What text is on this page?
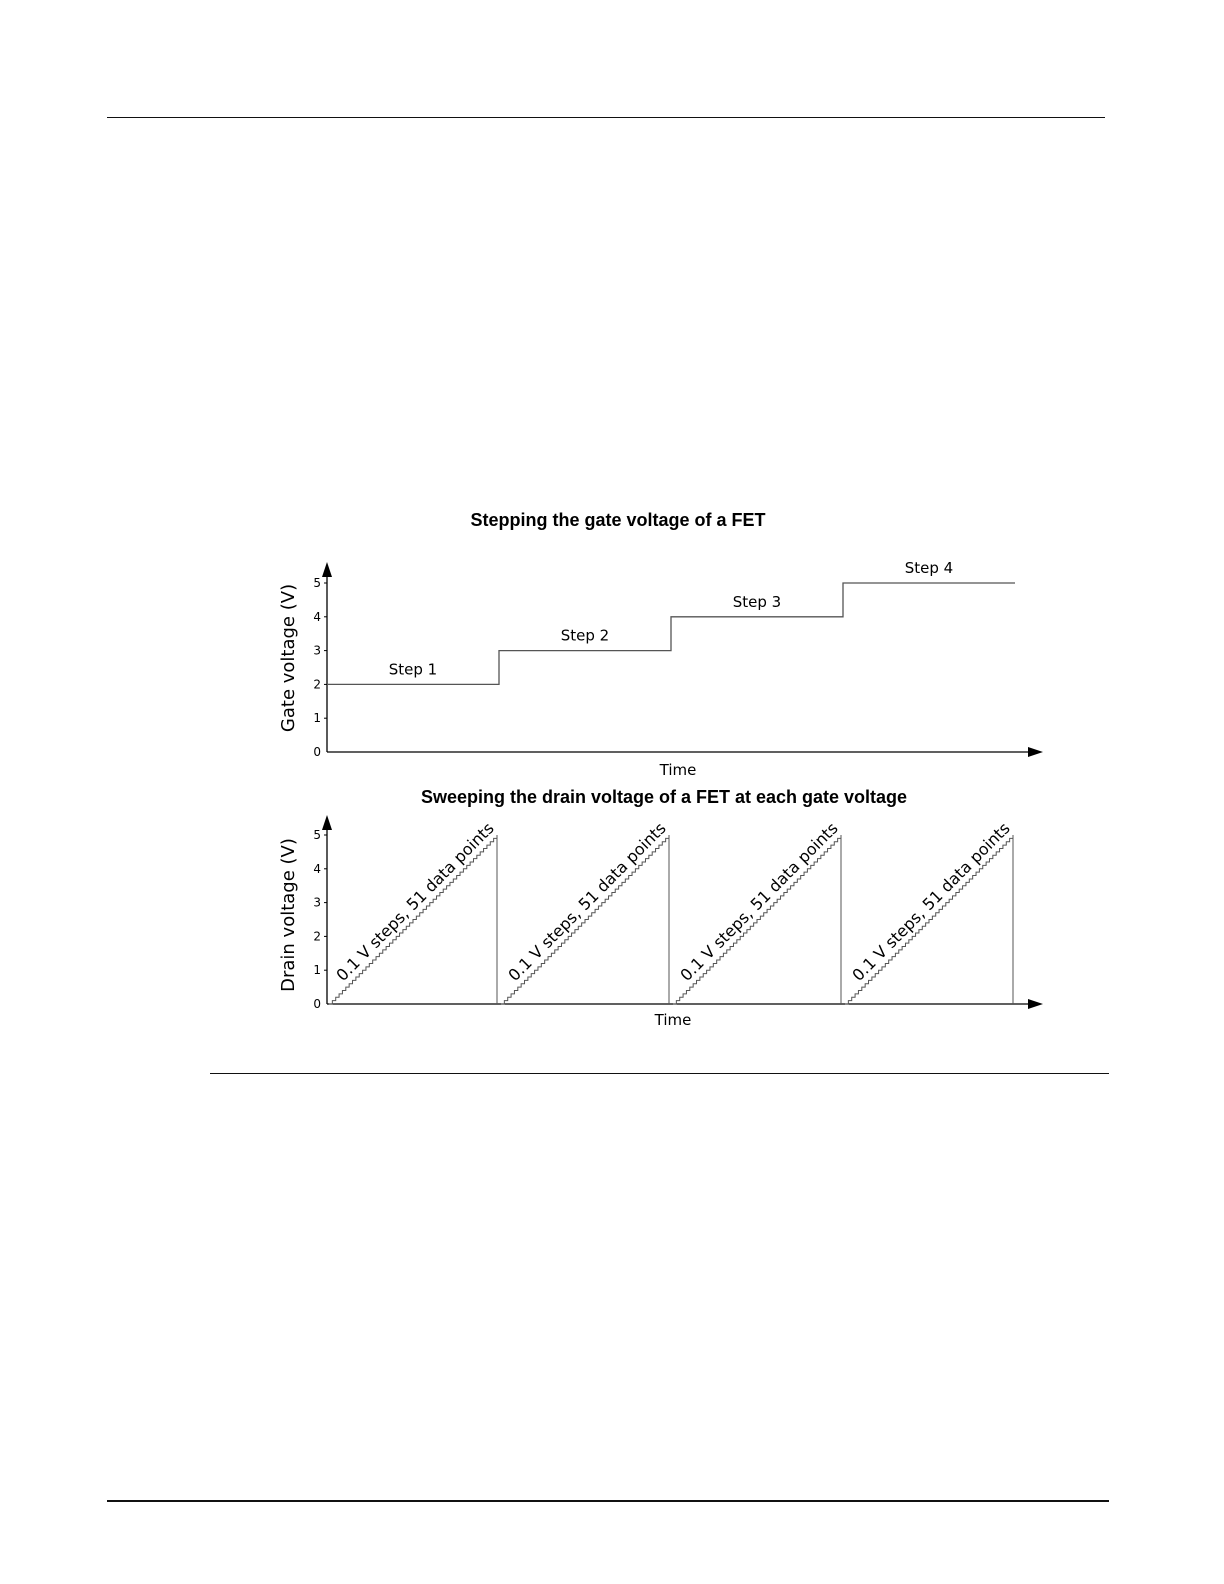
Stepping the gate voltage of a FET
0
1
2
3
4
5
Gate voltage (V)
Time
Step 1
Step 2
Step 3
Step 4
Sweeping the drain voltage of a FET at each gate voltage
0
1
2
3
4
5
Drain voltage (V)
Time
0.1 V steps, 51 data points 0.1 V steps, 51 data points 0.1 V steps, 51 data points 0.1 V steps, 51 data points
